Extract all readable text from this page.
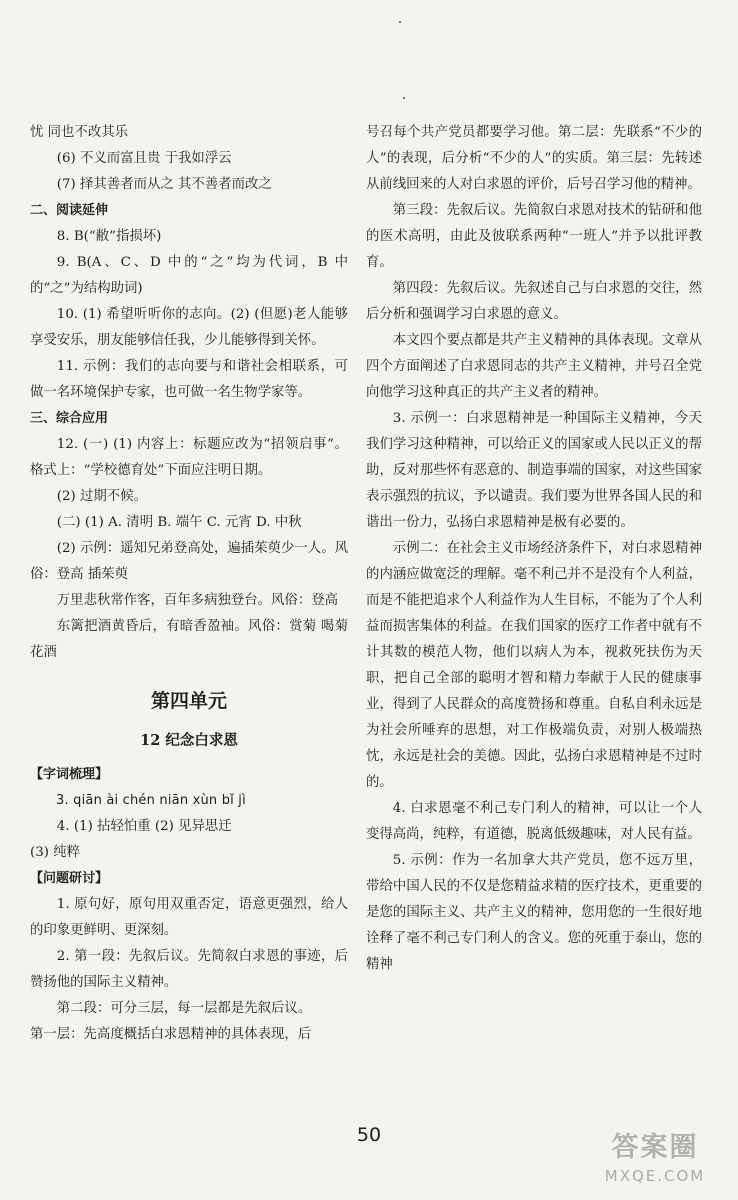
忧 同也不改其乐

(6) 不义而富且贵 于我如浮云

(7) 择其善者而从之 其不善者而改之

二、阅读延伸

8. B(“敝”指损坏)

9. B(A、C、D 中的“之”均为代词，B 中的“之”为结构助词)

10. (1) 希望听听你的志向。(2) (但愿)老人能够享受安乐，朋友能够信任我，少儿能够得到关怀。

11. 示例：我们的志向要与和谐社会相联系，可做一名环境保护专家，也可做一名生物学家等。

三、综合应用

12. (一) (1) 内容上：标题应改为“招领启事”。格式上：“学校德育处”下面应注明日期。

(2) 过期不候。

(二) (1) A. 清明 B. 端午 C. 元宵 D. 中秋

(2) 示例：遥知兄弟登高处，遍插茱萸少一人。风俗：登高 插茱萸

万里悲秋常作客，百年多病独登台。风俗：登高

东篱把酒黄昏后，有暗香盈袖。风俗：赏菊 喝菊花酒

第四单元

12 纪念白求恩

【字词梳理】

3. qiān ài chén niān xùn bǐ jì

4. (1) 拈轻怕重 (2) 见异思迁

(3) 纯粹

【问题研讨】

1. 原句好，原句用双重否定，语意更强烈，给人的印象更鲜明、更深刻。

2. 第一段：先叙后议。先简叙白求恩的事迹，后赞扬他的国际主义精神。

第二段：可分三层，每一层都是先叙后议。

第一层：先高度概括白求恩精神的具体表现，后

号召每个共产党员都要学习他。第二层：先联系“不少的人”的表现，后分析“不少的人”的实质。第三层：先转述从前线回来的人对白求恩的评价，后号召学习他的精神。

第三段：先叙后议。先简叙白求恩对技术的钻研和他的医术高明，由此及彼联系两种“一班人”并予以批评教育。

第四段：先叙后议。先叙述自己与白求恩的交往，然后分析和强调学习白求恩的意义。

本文四个要点都是共产主义精神的具体表现。文章从四个方面阐述了白求恩同志的共产主义精神，并号召全党向他学习这种真正的共产主义者的精神。

3. 示例一：白求恩精神是一种国际主义精神，今天我们学习这种精神，可以给正义的国家或人民以正义的帮助，反对那些怀有恶意的、制造事端的国家，对这些国家表示强烈的抗议，予以谴责。我们要为世界各国人民的和谐出一份力，弘扬白求恩精神是极有必要的。

示例二：在社会主义市场经济条件下，对白求恩精神的内涵应做宽泛的理解。毫不利己并不是没有个人利益，而是不能把追求个人利益作为人生目标，不能为了个人利益而损害集体的利益。在我们国家的医疗工作者中就有不计其数的模范人物，他们以病人为本，视救死扶伤为天职，把自己全部的聪明才智和精力奉献于人民的健康事业，得到了人民群众的高度赞扬和尊重。自私自利永远是为社会所唾弃的思想，对工作极端负责，对别人极端热忱，永远是社会的美德。因此，弘扬白求恩精神是不过时的。

4. 白求恩毫不利己专门利人的精神，可以让一个人变得高尚，纯粹，有道德，脱离低级趣味，对人民有益。

5. 示例：作为一名加拿大共产党员，您不远万里，带给中国人民的不仅是您精益求精的医疗技术，更重要的是您的国际主义、共产主义的精神，您用您的一生很好地诠释了毫不利己专门利人的含义。您的死重于泰山，您的精神

50	答案圈
MXQE.COM
